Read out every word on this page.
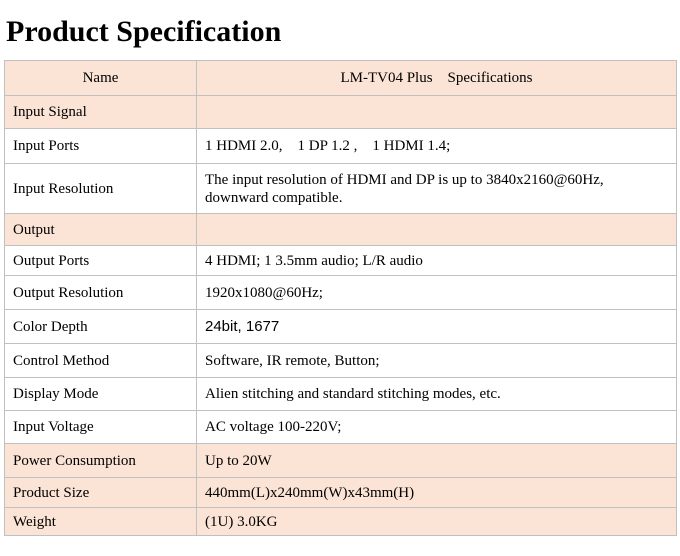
Product Specification
Name	LM-TV04 Plus    Specifications
Input Signal	
Input Ports	1 HDMI 2.0,    1 DP 1.2 ,    1 HDMI 1.4;
Input Resolution	The input resolution of HDMI and DP is up to 3840x2160@60Hz, downward compatible.
Output	
Output Ports	4 HDMI; 1 3.5mm audio; L/R audio
Output Resolution	1920x1080@60Hz;
Color Depth	24bit, 1677
Control Method	Software, IR remote, Button;
Display Mode	Alien stitching and standard stitching modes, etc.
Input Voltage	AC voltage 100-220V;
Power Consumption	Up to 20W
Product Size	440mm(L)x240mm(W)x43mm(H)
Weight	(1U) 3.0KG
